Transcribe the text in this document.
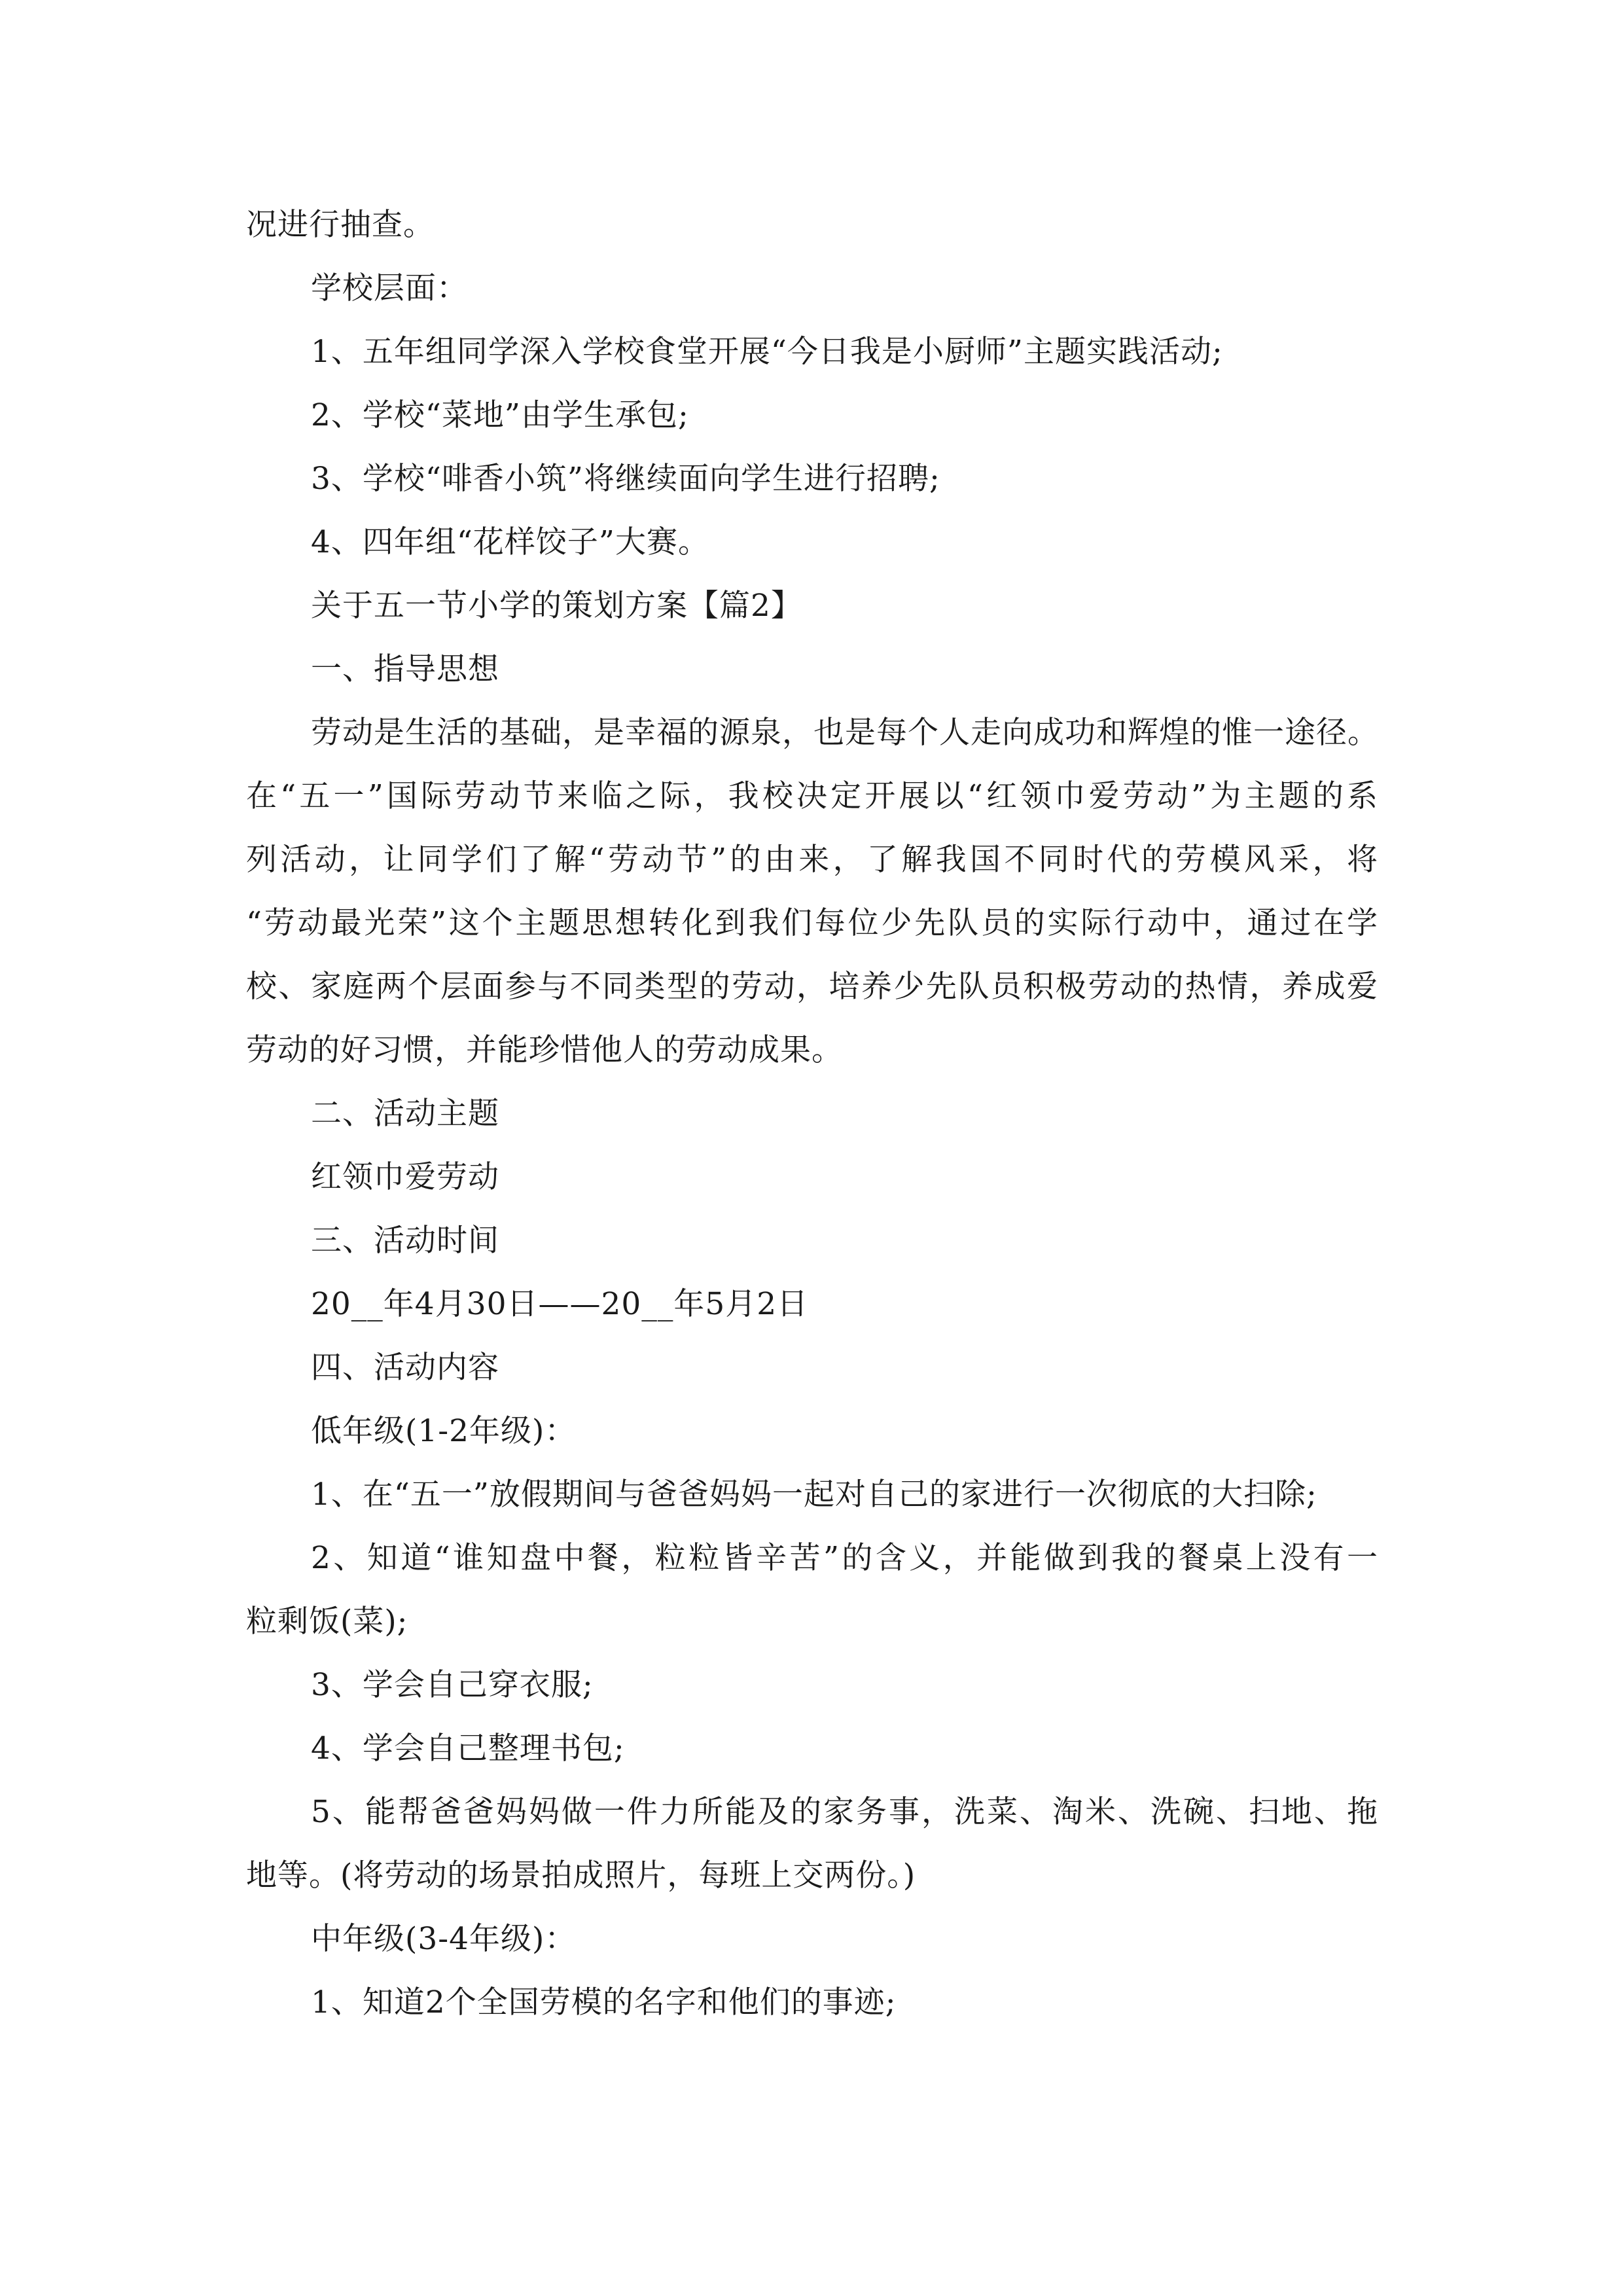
况进行抽查。

学校层面：

1、五年组同学深入学校食堂开展“今日我是小厨师”主题实践活动;

2、学校“菜地”由学生承包;

3、学校“啡香小筑”将继续面向学生进行招聘;

4、四年组“花样饺子”大赛。

关于五一节小学的策划方案【篇2】

一、指导思想

劳动是生活的基础，是幸福的源泉，也是每个人走向成功和辉煌的惟一途径。

在“五一”国际劳动节来临之际，我校决定开展以“红领巾爱劳动”为主题的系

列活动，让同学们了解“劳动节”的由来，了解我国不同时代的劳模风采，将

“劳动最光荣”这个主题思想转化到我们每位少先队员的实际行动中，通过在学

校、家庭两个层面参与不同类型的劳动，培养少先队员积极劳动的热情，养成爱

劳动的好习惯，并能珍惜他人的劳动成果。

二、活动主题

红领巾爱劳动

三、活动时间

20__年4月30日——20__年5月2日

四、活动内容

低年级(1-2年级)：

1、在“五一”放假期间与爸爸妈妈一起对自己的家进行一次彻底的大扫除;

2、知道“谁知盘中餐，粒粒皆辛苦”的含义，并能做到我的餐桌上没有一

粒剩饭(菜);

3、学会自己穿衣服;

4、学会自己整理书包;

5、能帮爸爸妈妈做一件力所能及的家务事，洗菜、淘米、洗碗、扫地、拖

地等。(将劳动的场景拍成照片，每班上交两份。)

中年级(3-4年级)：

1、知道2个全国劳模的名字和他们的事迹;
